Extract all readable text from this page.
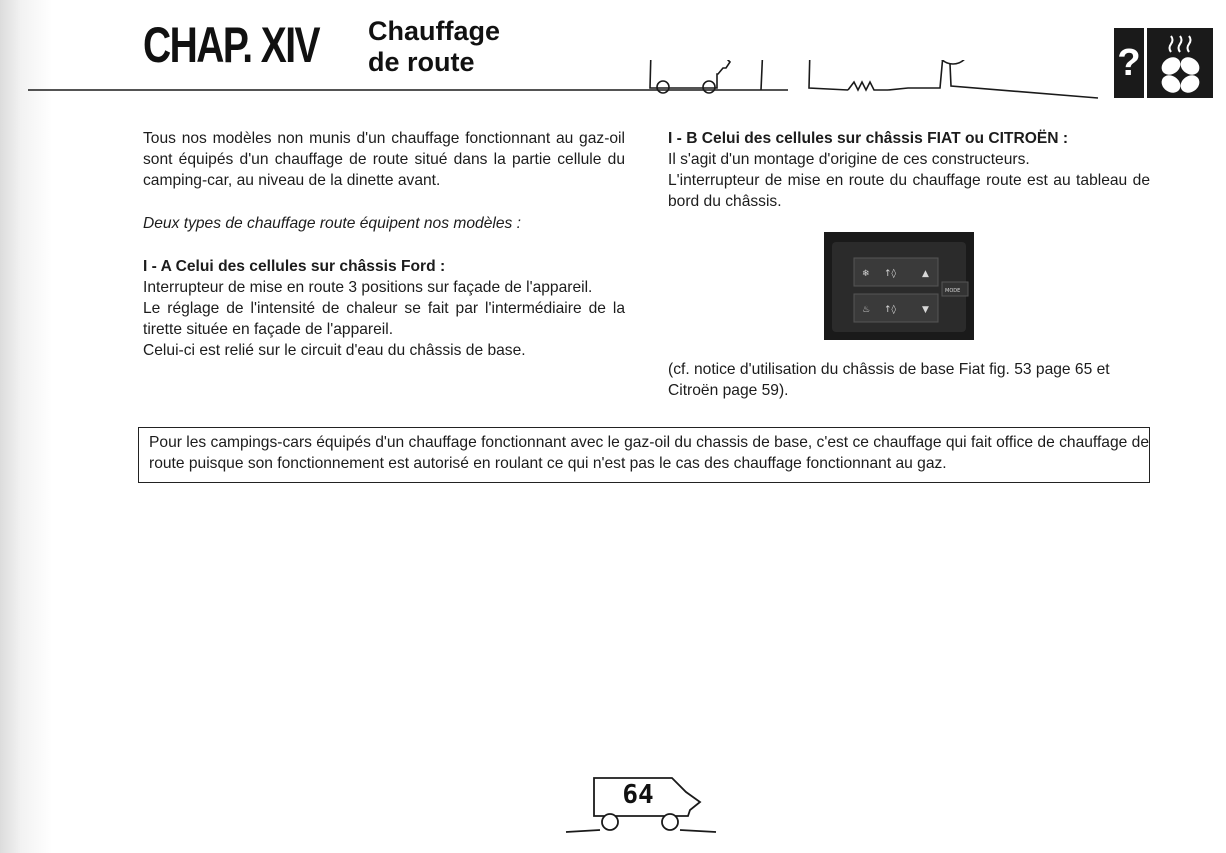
CHAP. XIV Chauffage
de route	?

Tous nos modèles non munis d'un chauffage fonctionnant au gaz-oil sont équipés d'un chauffage de route situé dans la partie cellule du camping-car, au niveau de la dinette avant.

Deux types de chauffage route équipent nos modèles :

I - A Celui des cellules sur châssis Ford :

Interrupteur de mise en route 3 positions sur façade de l'appareil.

Le réglage de l'intensité de chaleur se fait par l'intermédiaire de la tirette située en façade de l'appareil.

Celui-ci est relié sur le circuit d'eau du châssis de base.

I - B Celui des cellules sur châssis FIAT ou CITROËN :

Il s'agit d'un montage d'origine de ces constructeurs.

L'interrupteur de mise en route du chauffage route est au tableau de bord du châssis.

❄ ↑◊	▲
♨ ↑◊	▼
MODE
(cf. notice d'utilisation du châssis de base Fiat fig. 53 page 65 et Citroën page 59).
Pour les campings-cars équipés d'un chauffage fonctionnant avec le gaz-oil du chassis de base, c'est ce chauffage qui fait office de chauffage de route puisque son fonctionnement est autorisé en roulant ce qui n'est pas le cas des chauffage fonctionnant au gaz.
64
